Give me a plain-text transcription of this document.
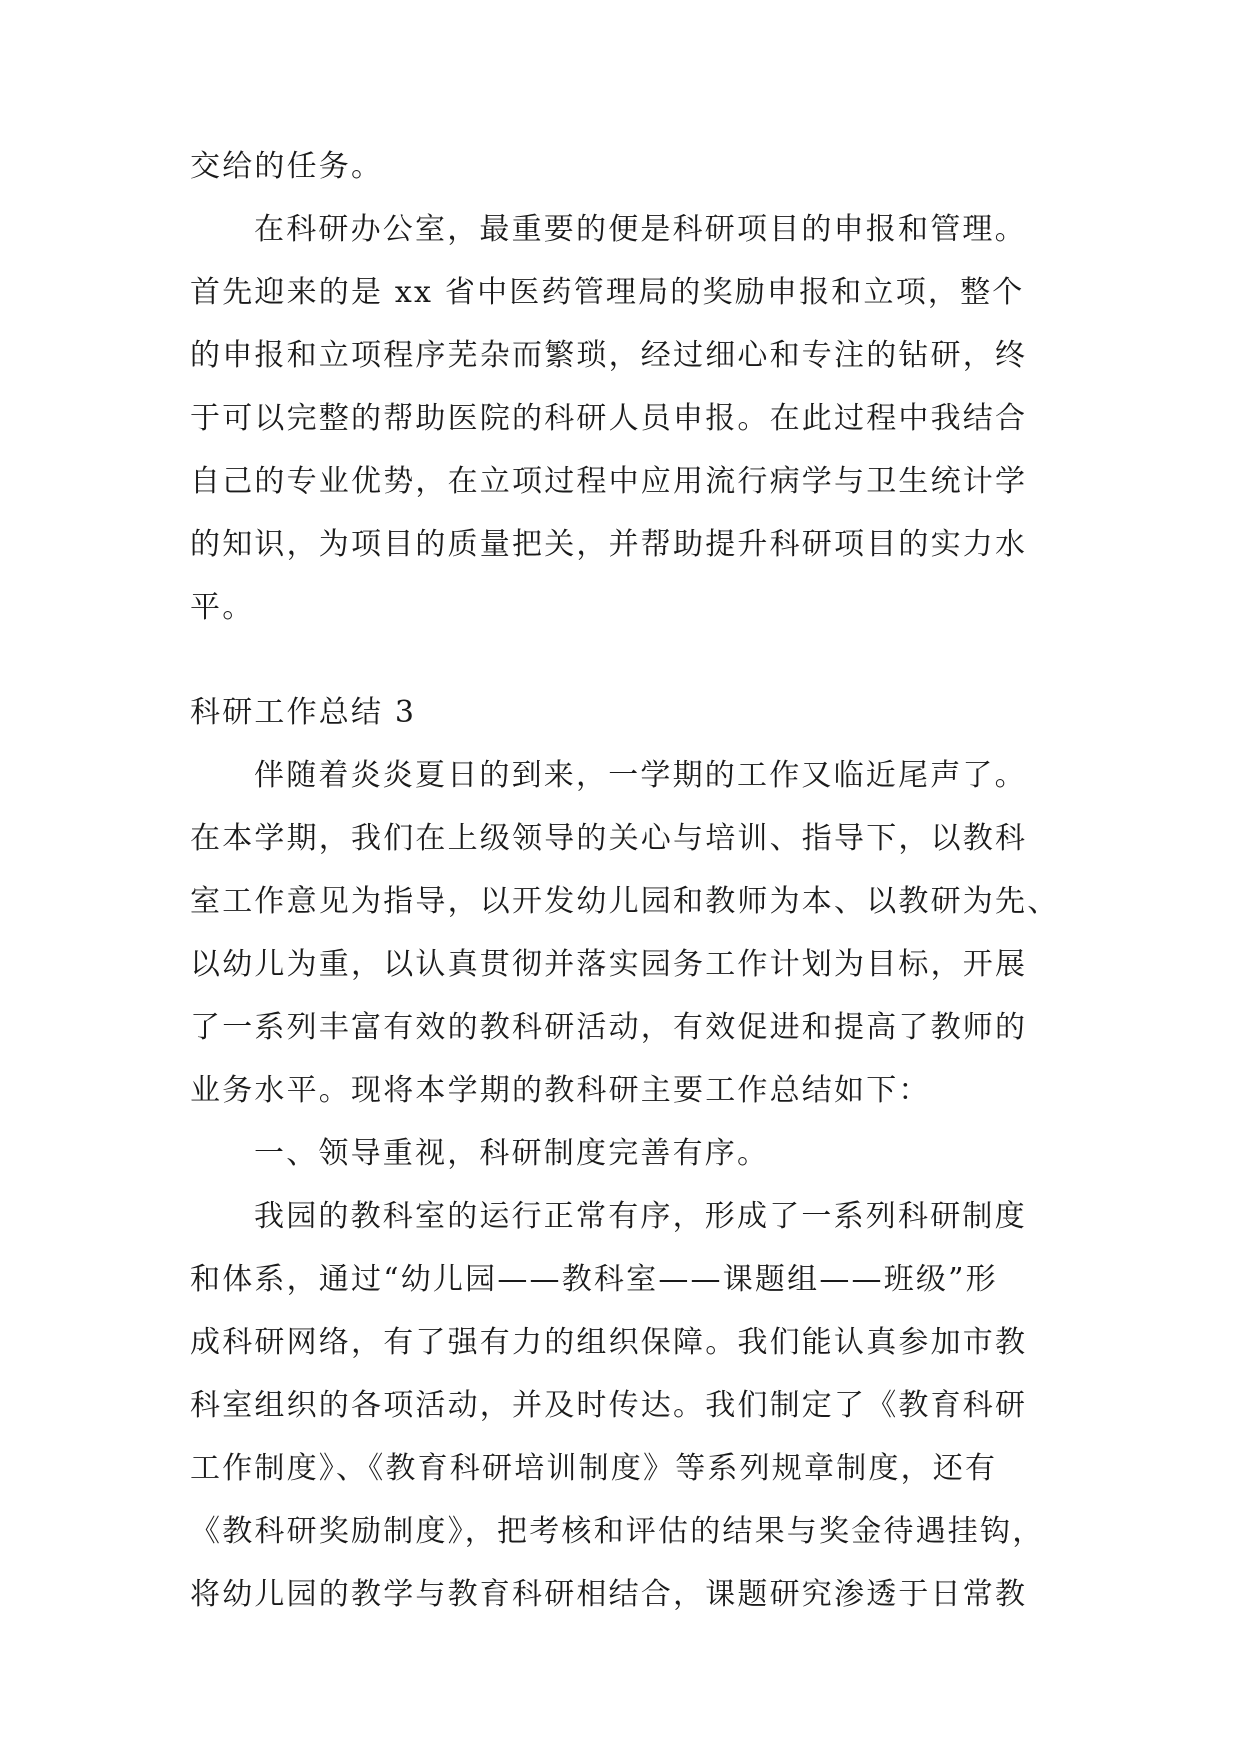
交给的任务。
在科研办公室，最重要的便是科研项目的申报和管理。
首先迎来的是 xx 省中医药管理局的奖励申报和立项，整个
的申报和立项程序芜杂而繁琐，经过细心和专注的钻研，终
于可以完整的帮助医院的科研人员申报。在此过程中我结合
自己的专业优势，在立项过程中应用流行病学与卫生统计学
的知识，为项目的质量把关，并帮助提升科研项目的实力水
平。
科研工作总结 3
伴随着炎炎夏日的到来，一学期的工作又临近尾声了。
在本学期，我们在上级领导的关心与培训、指导下，以教科
室工作意见为指导，以开发幼儿园和教师为本、以教研为先、
以幼儿为重，以认真贯彻并落实园务工作计划为目标，开展
了一系列丰富有效的教科研活动，有效促进和提高了教师的
业务水平。现将本学期的教科研主要工作总结如下：
一、领导重视，科研制度完善有序。
我园的教科室的运行正常有序，形成了一系列科研制度
和体系，通过“幼儿园——教科室——课题组——班级”形
成科研网络，有了强有力的组织保障。我们能认真参加市教
科室组织的各项活动，并及时传达。我们制定了《教育科研
工作制度》、《教育科研培训制度》等系列规章制度，还有
《教科研奖励制度》，把考核和评估的结果与奖金待遇挂钩，
将幼儿园的教学与教育科研相结合，课题研究渗透于日常教
